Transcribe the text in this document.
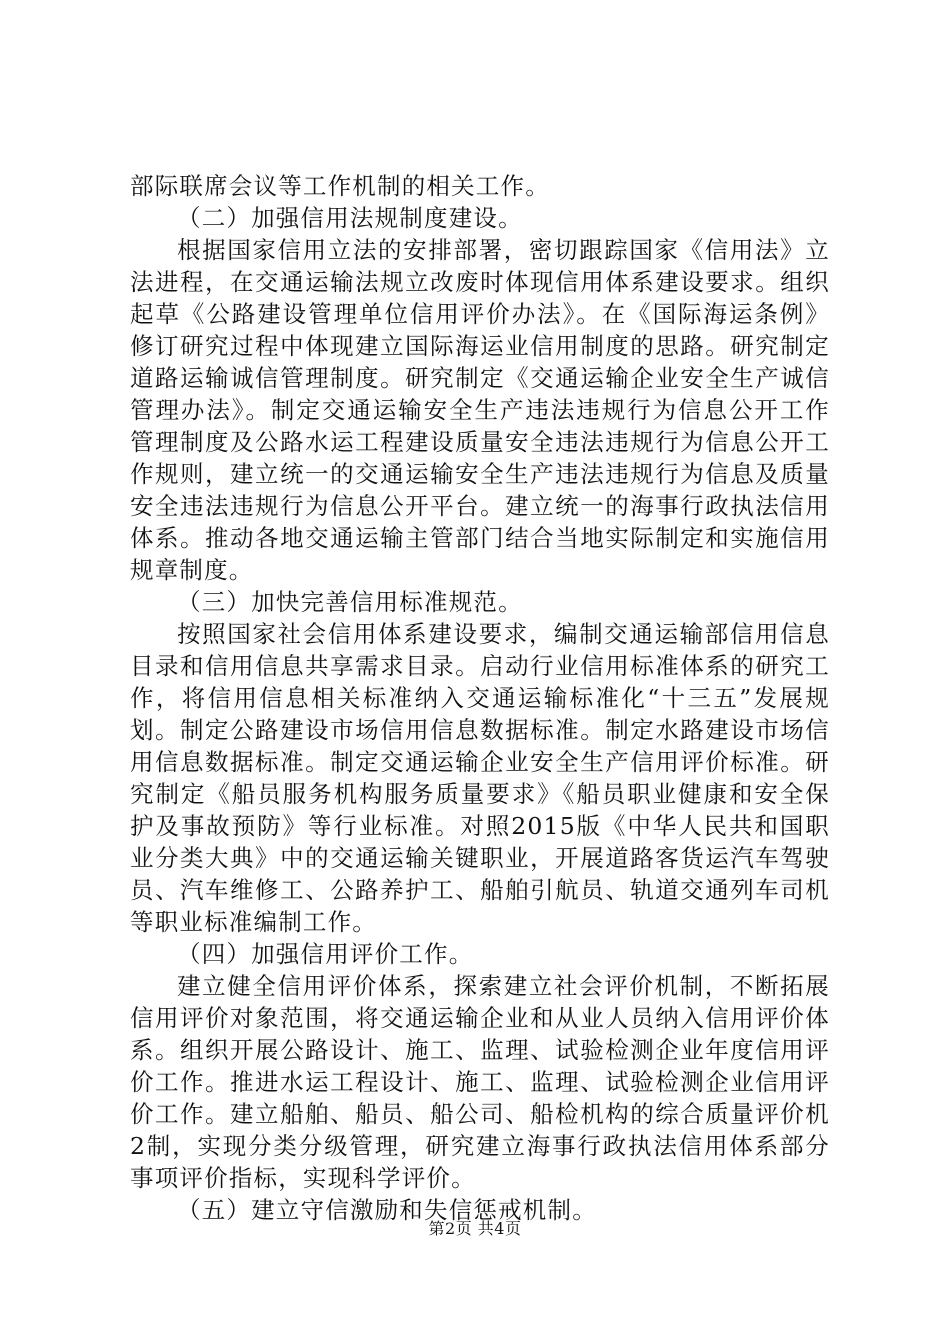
部际联席会议等工作机制的相关工作。

（二）加强信用法规制度建设。

根据国家信用立法的安排部署，密切跟踪国家《信用法》立法进程，在交通运输法规立改废时体现信用体系建设要求。组织起草《公路建设管理单位信用评价办法》。在《国际海运条例》修订研究过程中体现建立国际海运业信用制度的思路。研究制定道路运输诚信管理制度。研究制定《交通运输企业安全生产诚信管理办法》。制定交通运输安全生产违法违规行为信息公开工作管理制度及公路水运工程建设质量安全违法违规行为信息公开工作规则，建立统一的交通运输安全生产违法违规行为信息及质量安全违法违规行为信息公开平台。建立统一的海事行政执法信用体系。推动各地交通运输主管部门结合当地实际制定和实施信用规章制度。

（三）加快完善信用标准规范。

按照国家社会信用体系建设要求，编制交通运输部信用信息目录和信用信息共享需求目录。启动行业信用标准体系的研究工作，将信用信息相关标准纳入交通运输标准化“十三五”发展规划。制定公路建设市场信用信息数据标准。制定水路建设市场信用信息数据标准。制定交通运输企业安全生产信用评价标准。研究制定《船员服务机构服务质量要求》《船员职业健康和安全保护及事故预防》等行业标准。对照2015版《中华人民共和国职业分类大典》中的交通运输关键职业，开展道路客货运汽车驾驶员、汽车维修工、公路养护工、船舶引航员、轨道交通列车司机等职业标准编制工作。

（四）加强信用评价工作。

建立健全信用评价体系，探索建立社会评价机制，不断拓展信用评价对象范围，将交通运输企业和从业人员纳入信用评价体系。组织开展公路设计、施工、监理、试验检测企业年度信用评价工作。推进水运工程设计、施工、监理、试验检测企业信用评价工作。建立船舶、船员、船公司、船检机构的综合质量评价机2制，实现分类分级管理，研究建立海事行政执法信用体系部分事项评价指标，实现科学评价。

（五）建立守信激励和失信惩戒机制。

第2页 共4页
